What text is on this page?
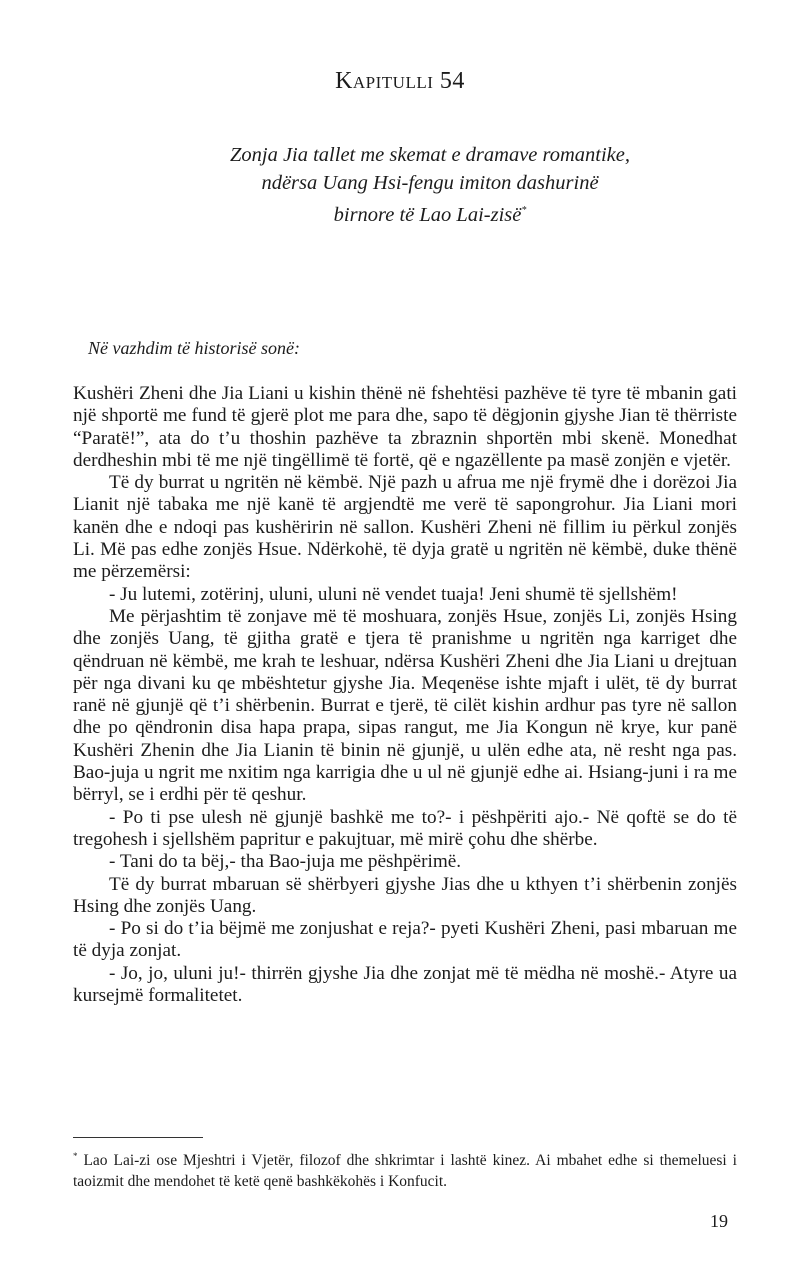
Kapitulli 54
Zonja Jia tallet me skemat e dramave romantike,
ndërsa Uang Hsi-fengu imiton dashurinë
birnore të Lao Lai-zisë*
Në vazhdim të historisë sonë:

Kushëri Zheni dhe Jia Liani u kishin thënë në fshehtësi pazhëve të tyre të mbanin gati një shportë me fund të gjerë plot me para dhe, sapo të dëgjonin gjyshe Jian të thërriste “Paratë!”, ata do t’u thoshin pazhëve ta zbraznin shportën mbi skenë. Monedhat derdheshin mbi të me një tingëllimë të fortë, që e ngazëllente pa masë zonjën e vjetër.

Të dy burrat u ngritën në këmbë. Një pazh u afrua me një frymë dhe i dorëzoi Jia Lianit një tabaka me një kanë të argjendtë me verë të sapongrohur. Jia Liani mori kanën dhe e ndoqi pas kushëririn në sallon. Kushëri Zheni në fillim iu përkul zonjës Li. Më pas edhe zonjës Hsue. Ndërkohë, të dyja gratë u ngritën në këmbë, duke thënë me përzemërsi:

- Ju lutemi, zotërinj, uluni, uluni në vendet tuaja! Jeni shumë të sjellshëm!

Me përjashtim të zonjave më të moshuara, zonjës Hsue, zonjës Li, zonjës Hsing dhe zonjës Uang, të gjitha gratë e tjera të pranishme u ngritën nga karriget dhe qëndruan në këmbë, me krah te leshuar, ndërsa Kushëri Zheni dhe Jia Liani u drejtuan për nga divani ku qe mbështetur gjyshe Jia. Meqenëse ishte mjaft i ulët, të dy burrat ranë në gjunjë që t’i shërbenin. Burrat e tjerë, të cilët kishin ardhur pas tyre në sallon dhe po qëndronin disa hapa prapa, sipas rangut, me Jia Kongun në krye, kur panë Kushëri Zhenin dhe Jia Lianin të binin në gjunjë, u ulën edhe ata, në resht nga pas. Bao-juja u ngrit me nxitim nga karrigia dhe u ul në gjunjë edhe ai. Hsiang-juni i ra me bërryl, se i erdhi për të qeshur.

- Po ti pse ulesh në gjunjë bashkë me to?- i pëshpëriti ajo.- Në qoftë se do të tregohesh i sjellshëm papritur e pakujtuar, më mirë çohu dhe shërbe.

- Tani do ta bëj,- tha Bao-juja me pëshpërimë.

Të dy burrat mbaruan së shërbyeri gjyshe Jias dhe u kthyen t’i shërbenin zonjës Hsing dhe zonjës Uang.

- Po si do t’ia bëjmë me zonjushat e reja?- pyeti Kushëri Zheni, pasi mbaruan me të dyja zonjat.

- Jo, jo, uluni ju!- thirrën gjyshe Jia dhe zonjat më të mëdha në moshë.- Atyre ua kursejmë formalitetet.

* Lao Lai-zi ose Mjeshtri i Vjetër, filozof dhe shkrimtar i lashtë kinez. Ai mbahet edhe si themeluesi i taoizmit dhe mendohet të ketë qenë bashkëkohës i Konfucit.
19
